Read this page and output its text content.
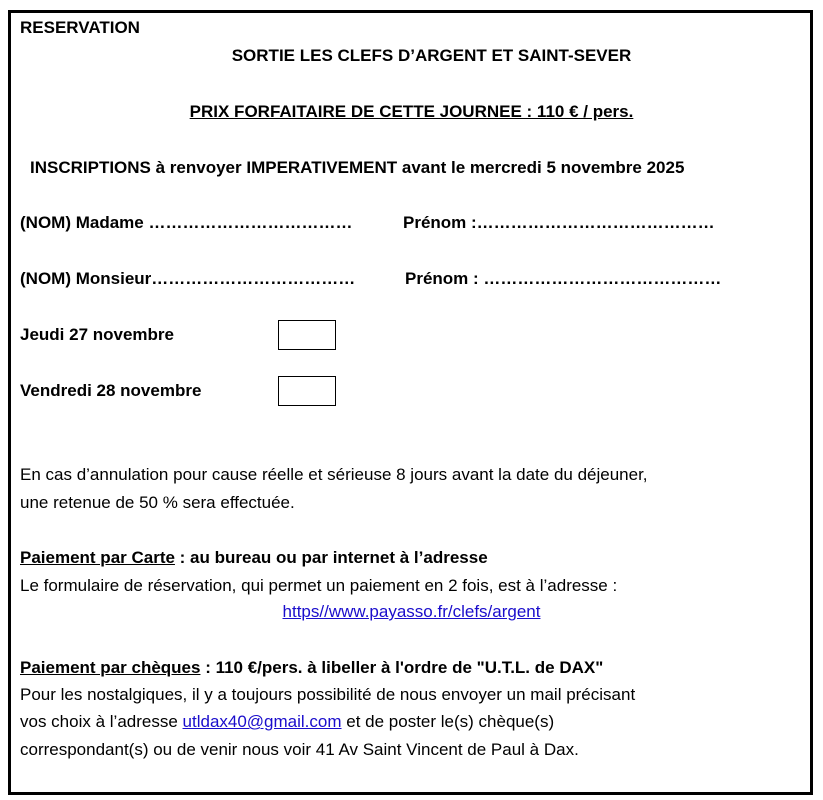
RESERVATION
SORTIE LES CLEFS D’ARGENT ET SAINT-SEVER
PRIX FORFAITAIRE DE CETTE JOURNEE : 110 € / pers.
INSCRIPTIONS à renvoyer IMPERATIVEMENT avant le mercredi 5 novembre 2025
(NOM) Madame ………………………………	Prénom :……………………………………
(NOM) Monsieur………………………………	Prénom : ……………………………………
Jeudi 27 novembre
Vendredi 28 novembre
En cas d’annulation pour cause réelle et sérieuse 8 jours avant la date du déjeuner,
une retenue de 50 % sera effectuée.
Paiement par Carte : au bureau ou par internet à l’adresse
Le formulaire de réservation, qui permet un paiement en 2 fois, est à l’adresse :
https//www.payasso.fr/clefs/argent
Paiement par chèques : 110 €/pers. à libeller à l'ordre de "U.T.L. de DAX"
Pour les nostalgiques, il y a toujours possibilité de nous envoyer un mail précisant
vos choix à l’adresse utldax40@gmail.com et de poster le(s) chèque(s)
correspondant(s) ou de venir nous voir 41 Av Saint Vincent de Paul à Dax.
